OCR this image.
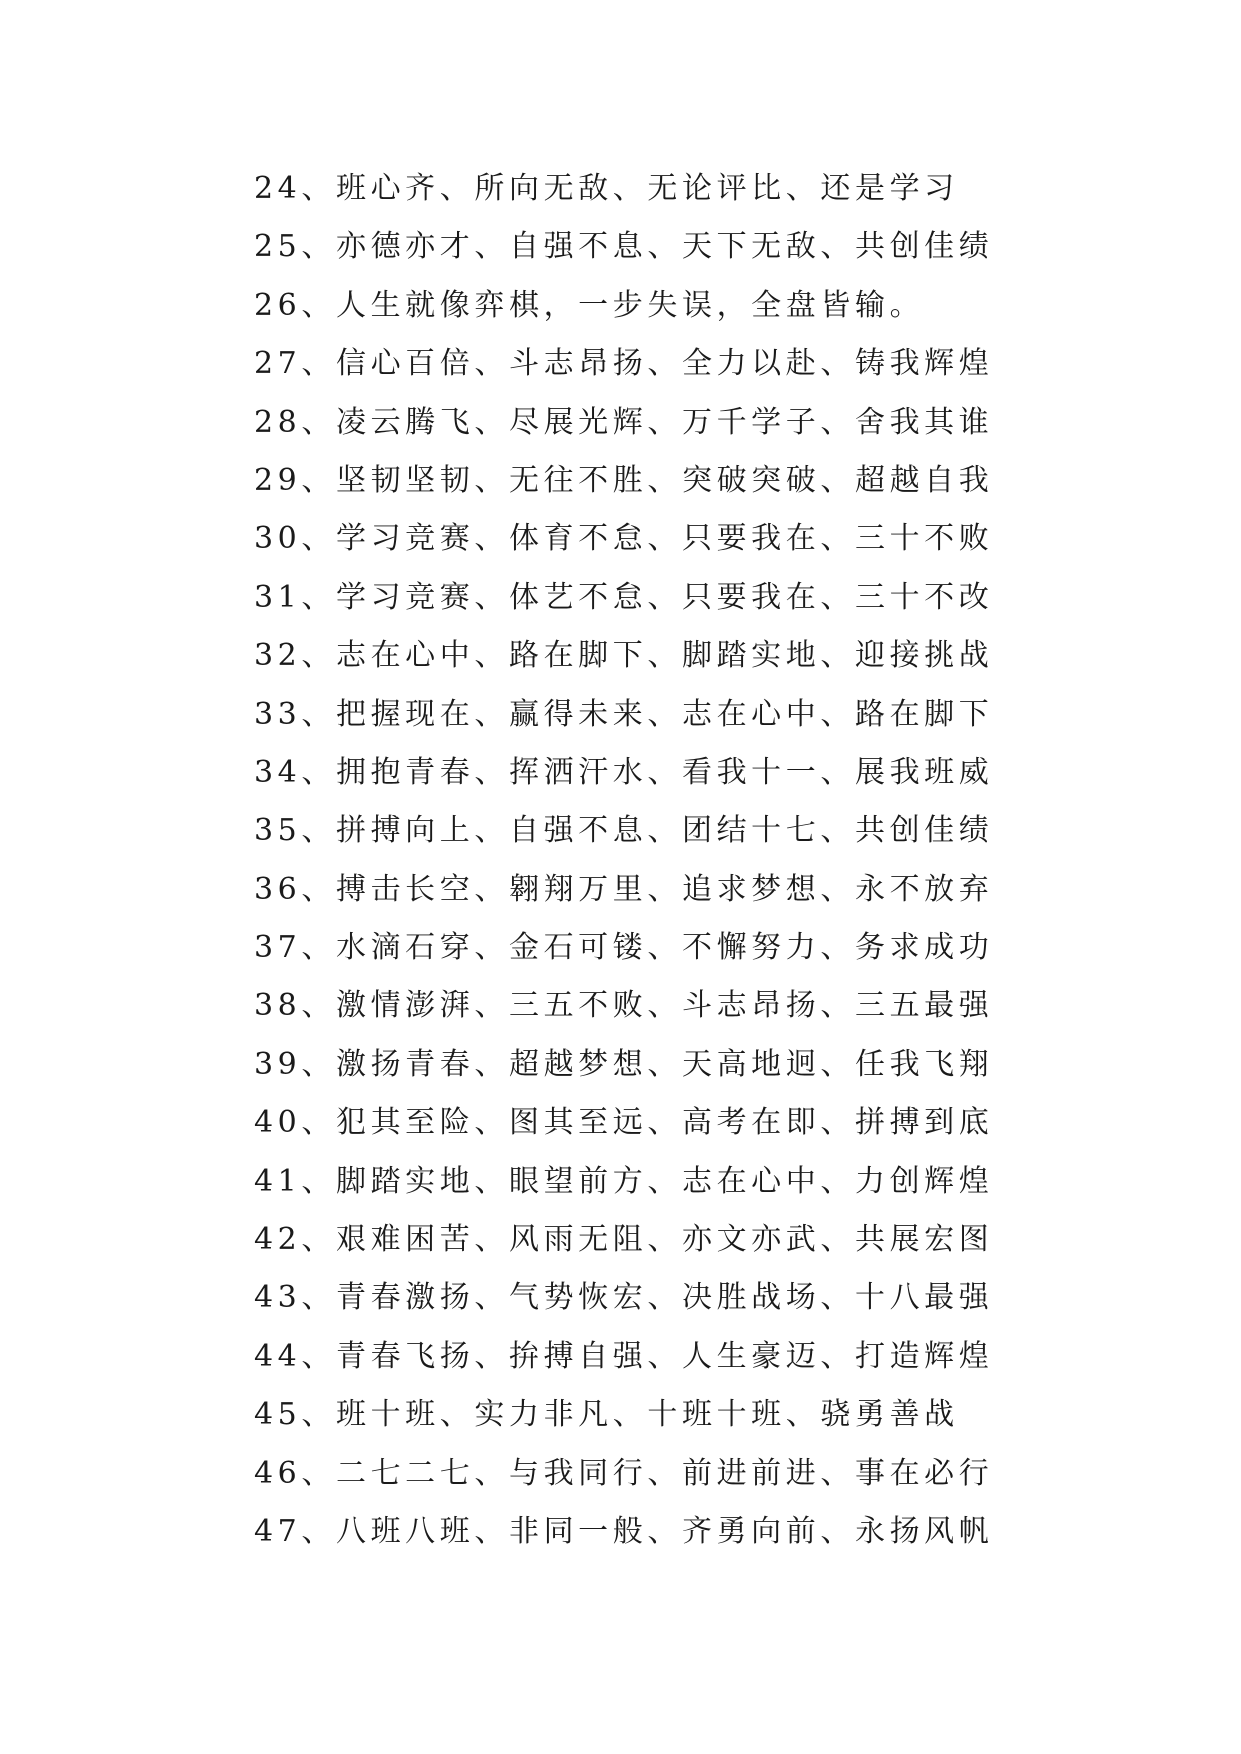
24、班心齐、所向无敌、无论评比、还是学习
25、亦德亦才、自强不息、天下无敌、共创佳绩
26、人生就像弈棋，一步失误，全盘皆输。
27、信心百倍、斗志昂扬、全力以赴、铸我辉煌
28、凌云腾飞、尽展光辉、万千学子、舍我其谁
29、坚韧坚韧、无往不胜、突破突破、超越自我
30、学习竞赛、体育不怠、只要我在、三十不败
31、学习竞赛、体艺不怠、只要我在、三十不改
32、志在心中、路在脚下、脚踏实地、迎接挑战
33、把握现在、赢得未来、志在心中、路在脚下
34、拥抱青春、挥洒汗水、看我十一、展我班威
35、拼搏向上、自强不息、团结十七、共创佳绩
36、搏击长空、翱翔万里、追求梦想、永不放弃
37、水滴石穿、金石可镂、不懈努力、务求成功
38、激情澎湃、三五不败、斗志昂扬、三五最强
39、激扬青春、超越梦想、天高地迥、任我飞翔
40、犯其至险、图其至远、高考在即、拼搏到底
41、脚踏实地、眼望前方、志在心中、力创辉煌
42、艰难困苦、风雨无阻、亦文亦武、共展宏图
43、青春激扬、气势恢宏、决胜战场、十八最强
44、青春飞扬、拚搏自强、人生豪迈、打造辉煌
45、班十班、实力非凡、十班十班、骁勇善战
46、二七二七、与我同行、前进前进、事在必行
47、八班八班、非同一般、齐勇向前、永扬风帆
